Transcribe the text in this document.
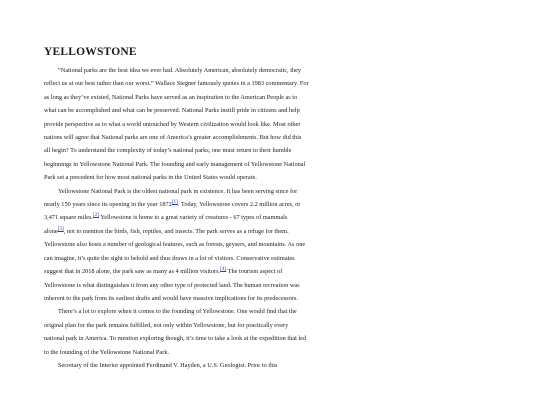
YELLOWSTONE

“National parks are the best idea we ever had. Absolutely American, absolutely democratic, they reflect us at our best rather than our worst.” Wallace Stegner famously quotes in a 1983 commentary. For as long as they’ve existed, National Parks have served as an inspiration to the American People as to what can be accomplished and what can be preserved. National Parks instill pride in citizens and help provide perspective as to what a world untouched by Western civilization would look like. Most other nations will agree that National parks are one of America’s greater accomplishments. But how did this all begin? To understand the complexity of today’s national parks, one must return to their humble beginnings in Yellowstone National Park. The founding and early management of Yellowstone National Park set a precedent for how most national parks in the United States would operate.

Yellowstone National Park is the oldest national park in existence. It has been serving since for nearly 150 years since its opening in the year 1872[1]. Today, Yellowstone covers 2.2 million acres, or 3,471 square miles.[2] Yellowstone is home to a great variety of creatures - 67 types of mammals alone[3], not to mention the birds, fish, reptiles, and insects. The park serves as a refuge for them. Yellowstone also hosts a number of geological features, such as forests, geysers, and mountains. As one can imagine, it’s quite the sight to behold and thus draws in a lot of visitors. Conservative estimates suggest that in 2018 alone, the park saw as many as 4 million visitors.[4] The tourism aspect of Yellowstone is what distinguishes it from any other type of protected land. The human recreation was inherent to the park from its earliest drafts and would have massive implications for its predecessors.

There’s a lot to explore when it comes to the founding of Yellowstone. One would find that the original plan for the park remains fulfilled, not only within Yellowstone, but for practically every national park in America. To mention exploring though, it’s time to take a look at the expedition that led to the founding of the Yellowstone National Park.

Secretary of the Interior appointed Ferdinand V. Hayden, a U.S. Geologist. Prior to this
